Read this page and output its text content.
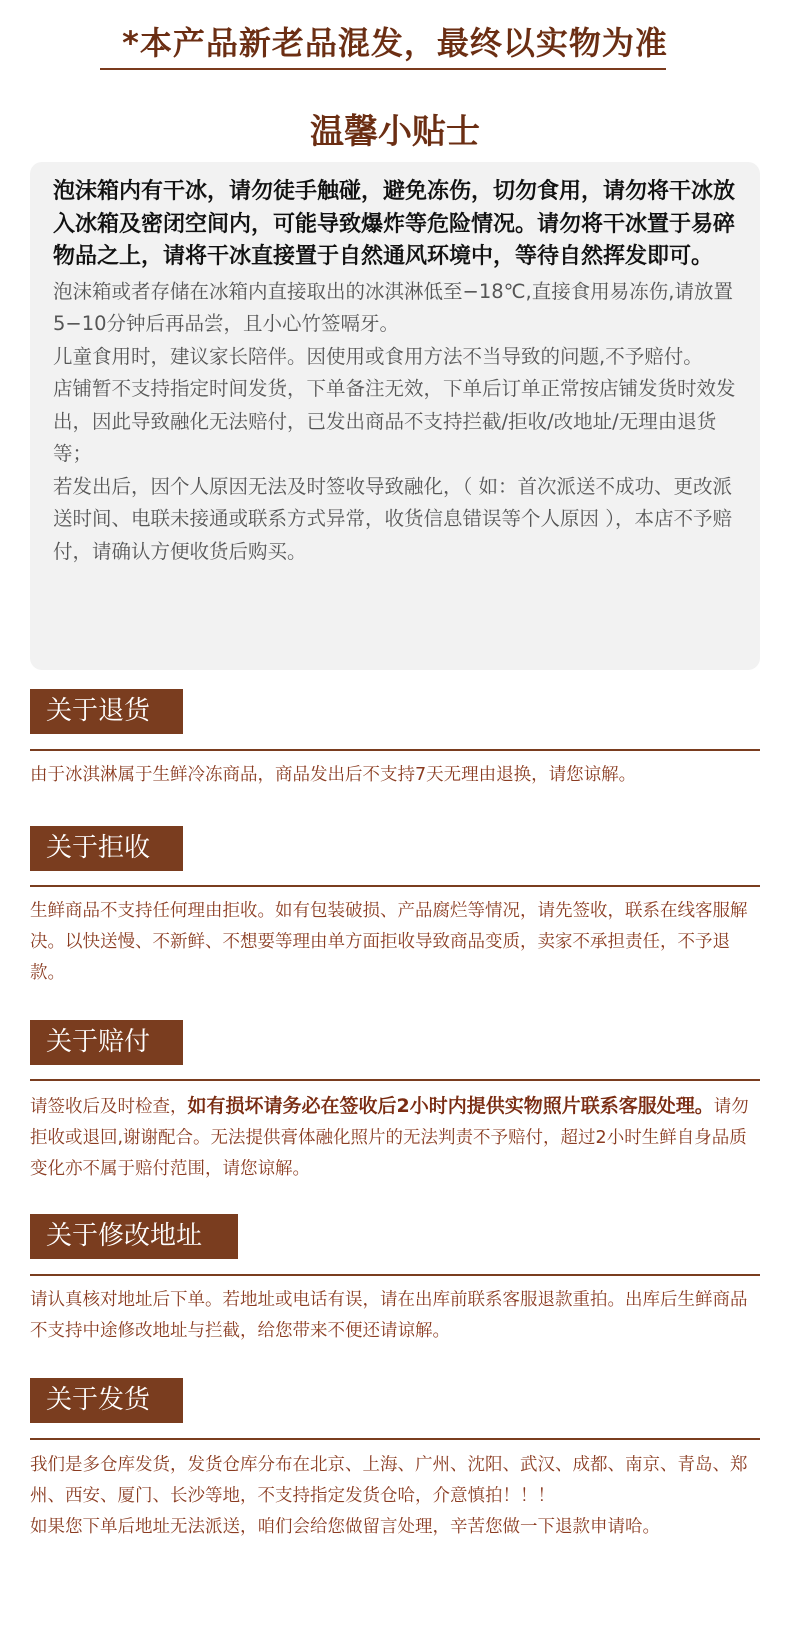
*本产品新老品混发，最终以实物为准
温馨小贴士

泡沫箱内有干冰，请勿徒手触碰，避免冻伤，切勿食用，请勿将干冰放入冰箱及密闭空间内，可能导致爆炸等危险情况。请勿将干冰置于易碎物品之上，请将干冰直接置于自然通风环境中，等待自然挥发即可。

泡沫箱或者存储在冰箱内直接取出的冰淇淋低至−18℃,直接食用易冻伤,请放置5−10分钟后再品尝，且小心竹签嗝牙。

儿童食用时，建议家长陪伴。因使用或食用方法不当导致的问题,不予赔付。

店铺暂不支持指定时间发货，下单备注无效，下单后订单正常按店铺发货时效发出，因此导致融化无法赔付，已发出商品不支持拦截/拒收/改地址/无理由退货等；

若发出后，因个人原因无法及时签收导致融化，（ 如：首次派送不成功、更改派送时间、电联未接通或联系方式异常，收货信息错误等个人原因 ），本店不予赔付，请确认方便收货后购买。

关于退货

由于冰淇淋属于生鲜冷冻商品，商品发出后不支持7天无理由退换，请您谅解。

关于拒收

生鲜商品不支持任何理由拒收。如有包装破损、产品腐烂等情况，请先签收，联系在线客服解决。以快送慢、不新鲜、不想要等理由单方面拒收导致商品变质，卖家不承担责任，不予退款。

关于赔付

请签收后及时检查，如有损坏请务必在签收后2小时内提供实物照片联系客服处理。请勿拒收或退回,谢谢配合。无法提供膏体融化照片的无法判责不予赔付，超过2小时生鲜自身品质变化亦不属于赔付范围，请您谅解。

关于修改地址

请认真核对地址后下单。若地址或电话有误，请在出库前联系客服退款重拍。出库后生鲜商品不支持中途修改地址与拦截，给您带来不便还请谅解。

关于发货

我们是多仓库发货，发货仓库分布在北京、上海、广州、沈阳、武汉、成都、南京、青岛、郑州、西安、厦门、长沙等地，不支持指定发货仓哈，介意慎拍！！！
如果您下单后地址无法派送，咱们会给您做留言处理，辛苦您做一下退款申请哈。
